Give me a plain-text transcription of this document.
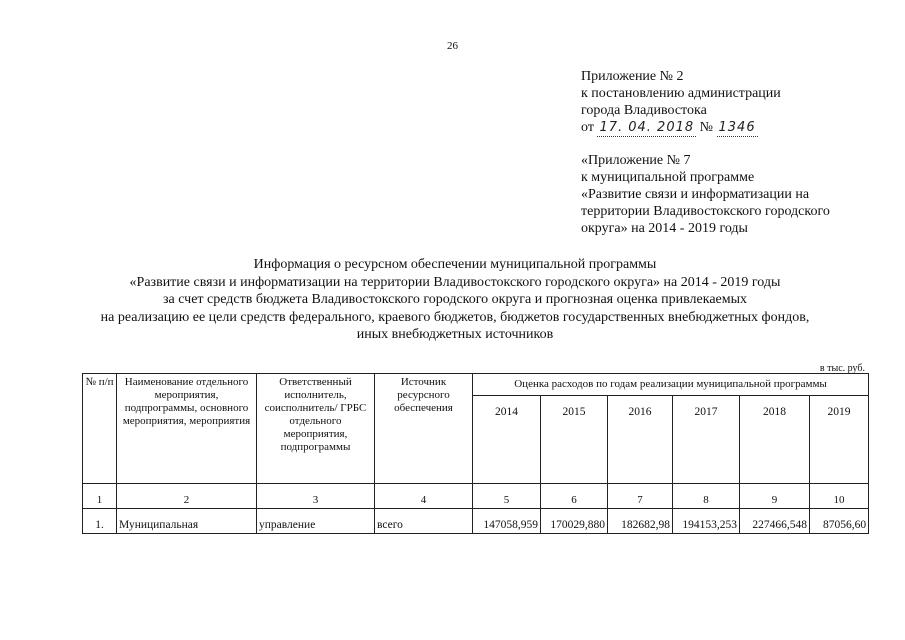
26
Приложение № 2
к постановлению администрации
города Владивостока
от 17. 04. 2018 № 1346
«Приложение № 7
к муниципальной программе
«Развитие связи и информатизации на
территории Владивостокского городского
округа» на 2014 - 2019 годы
Информация о ресурсном обеспечении муниципальной программы
«Развитие связи и информатизации на территории Владивостокского городского округа» на 2014 - 2019 годы
за счет средств бюджета Владивостокского городского округа и прогнозная оценка привлекаемых
на реализацию ее цели средств федерального, краевого бюджетов, бюджетов государственных внебюджетных фондов,
иных внебюджетных источников
в тыс. руб.
№ п/п	Наименование отдельного мероприятия, подпрограммы, основного мероприятия, мероприятия	Ответственный исполнитель, соисполнитель/ ГРБС отдельного мероприятия, подпрограммы	Источник ресурсного обеспечения	Оценка расходов по годам реализации муниципальной программы					
				2014	2015	2016	2017	2018	2019
1	2	3	4	5	6	7	8	9	10
1.	Муниципальная	управление	всего	147058,959	170029,880	182682,98	194153,253	227466,548	87056,60
